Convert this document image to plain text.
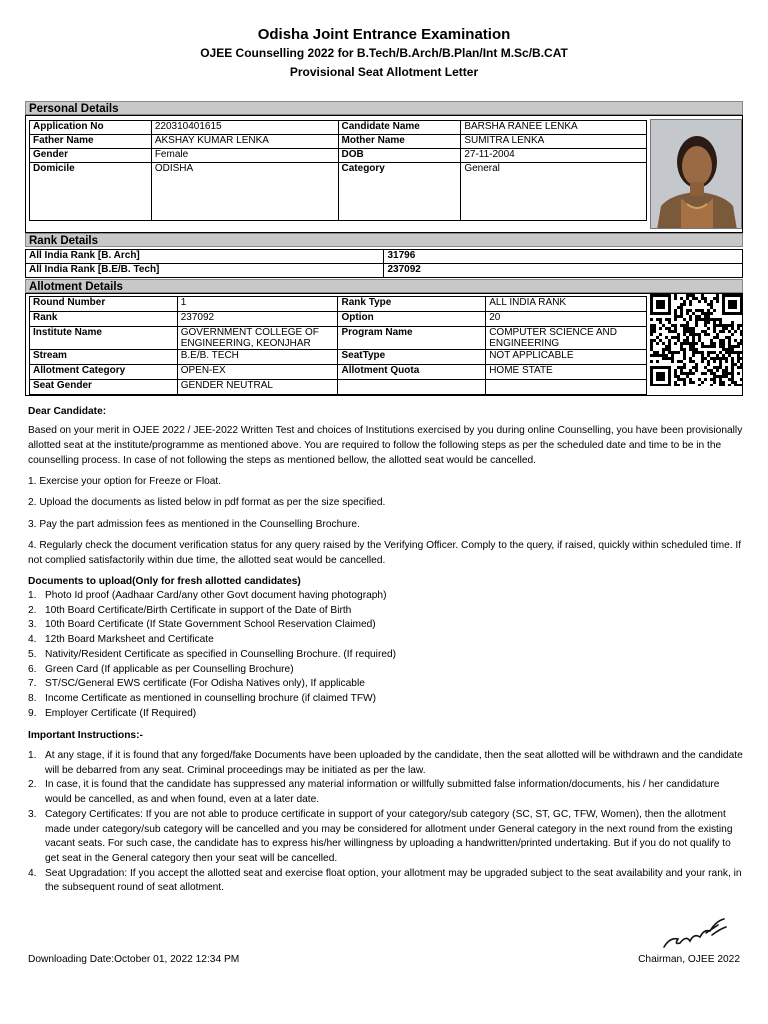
Odisha Joint Entrance Examination
OJEE Counselling 2022 for B.Tech/B.Arch/B.Plan/Int M.Sc/B.CAT
Provisional Seat Allotment Letter
Personal Details
Application No	220310401615	Candidate Name	BARSHA RANEE LENKA
Father Name	AKSHAY KUMAR LENKA	Mother Name	SUMITRA LENKA
Gender	Female	DOB	27-11-2004
Domicile	ODISHA	Category	General
Rank Details
All India Rank [B. Arch]	31796
All India Rank [B.E/B. Tech]	237092
Allotment Details
Round Number	1	Rank Type	ALL INDIA RANK
Rank	237092	Option	20
Institute Name	GOVERNMENT COLLEGE OF ENGINEERING, KEONJHAR	Program Name	COMPUTER SCIENCE AND ENGINEERING
Stream	B.E/B. TECH	SeatType	NOT APPLICABLE
Allotment Category	OPEN-EX	Allotment Quota	HOME STATE
Seat Gender	GENDER NEUTRAL		
Dear Candidate:
Based on your merit in OJEE 2022 / JEE-2022 Written Test and choices of Institutions exercised by you during online Counselling, you have been provisionally allotted seat at the institute/programme as mentioned above. You are required to follow the following steps as per the scheduled date and time to be in the counselling process. In case of not following the steps as mentioned bellow, the allotted seat would be cancelled.
1. Exercise your option for Freeze or Float.
2. Upload the documents as listed below in pdf format as per the size specified.
3. Pay the part admission fees as mentioned in the Counselling Brochure.
4. Regularly check the document verification status for any query raised by the Verifying Officer. Comply to the query, if raised, quickly within scheduled time. If not complied satisfactorily within due time, the allotted seat would be cancelled.
Documents to upload(Only for fresh allotted candidates)
1. Photo Id proof (Aadhaar Card/any other Govt document having photograph)
2. 10th Board Certificate/Birth Certificate in support of the Date of Birth
3. 10th Board Certificate (If State Government School Reservation Claimed)
4. 12th Board Marksheet and Certificate
5. Nativity/Resident Certificate as specified in Counselling Brochure. (If required)
6. Green Card (If applicable as per Counselling Brochure)
7. ST/SC/General EWS certificate (For Odisha Natives only), If applicable
8. Income Certificate as mentioned in counselling brochure (if claimed TFW)
9. Employer Certificate (If Required)
Important Instructions:-
1. At any stage, if it is found that any forged/fake Documents have been uploaded by the candidate, then the seat allotted will be withdrawn and the candidate will be debarred from any seat. Criminal proceedings may be initiated as per the law.
2. In case, it is found that the candidate has suppressed any material information or willfully submitted false information/documents, his / her candidature would be cancelled, as and when found, even at a later date.
3. Category Certificates: If you are not able to produce certificate in support of your category/sub category (SC, ST, GC, TFW, Women), then the allotment made under category/sub category will be cancelled and you may be considered for allotment under General category in the next round from the existing vacant seats. For such case, the candidate has to express his/her willingness by uploading a handwritten/printed undertaking. But if you do not qualify to get seat in the General category then your seat will be cancelled.
4. Seat Upgradation: If you accept the allotted seat and exercise float option, your allotment may be upgraded subject to the seat availability and your rank, in the subsequent round of seat allotment.
Downloading Date:October 01, 2022 12:34 PM	Chairman, OJEE 2022
